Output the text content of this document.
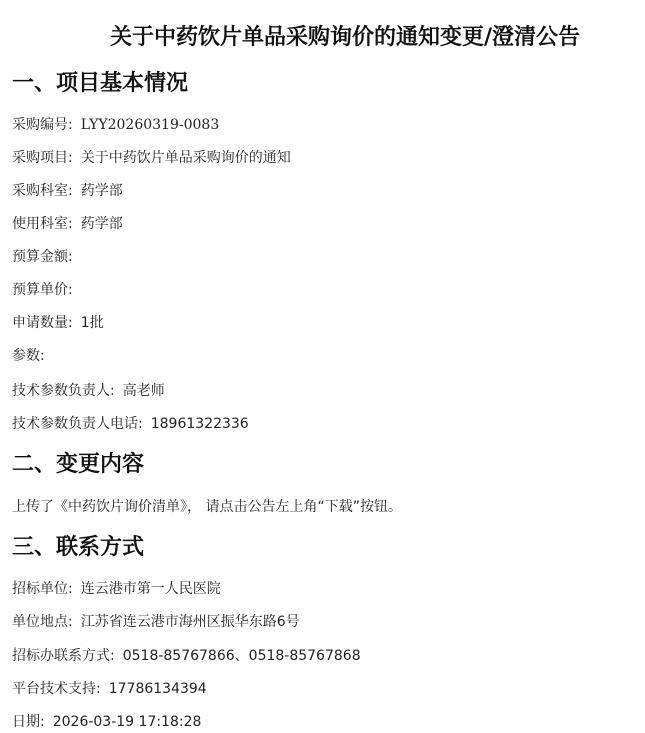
关于中药饮片单品采购询价的通知变更/澄清公告
一、项目基本情况
采购编号: LYY20260319-0083
采购项目: 关于中药饮片单品采购询价的通知
采购科室: 药学部
使用科室: 药学部
预算金额:
预算单价:
申请数量: 1批
参数:
技术参数负责人: 高老师
技术参数负责人电话: 18961322336
二、变更内容
上传了《中药饮片询价清单》， 请点击公告左上角“下载”按钮。
三、联系方式
招标单位: 连云港市第一人民医院
单位地点: 江苏省连云港市海州区振华东路6号
招标办联系方式: 0518-85767866、0518-85767868
平台技术支持: 17786134394
日期: 2026-03-19 17:18:28
